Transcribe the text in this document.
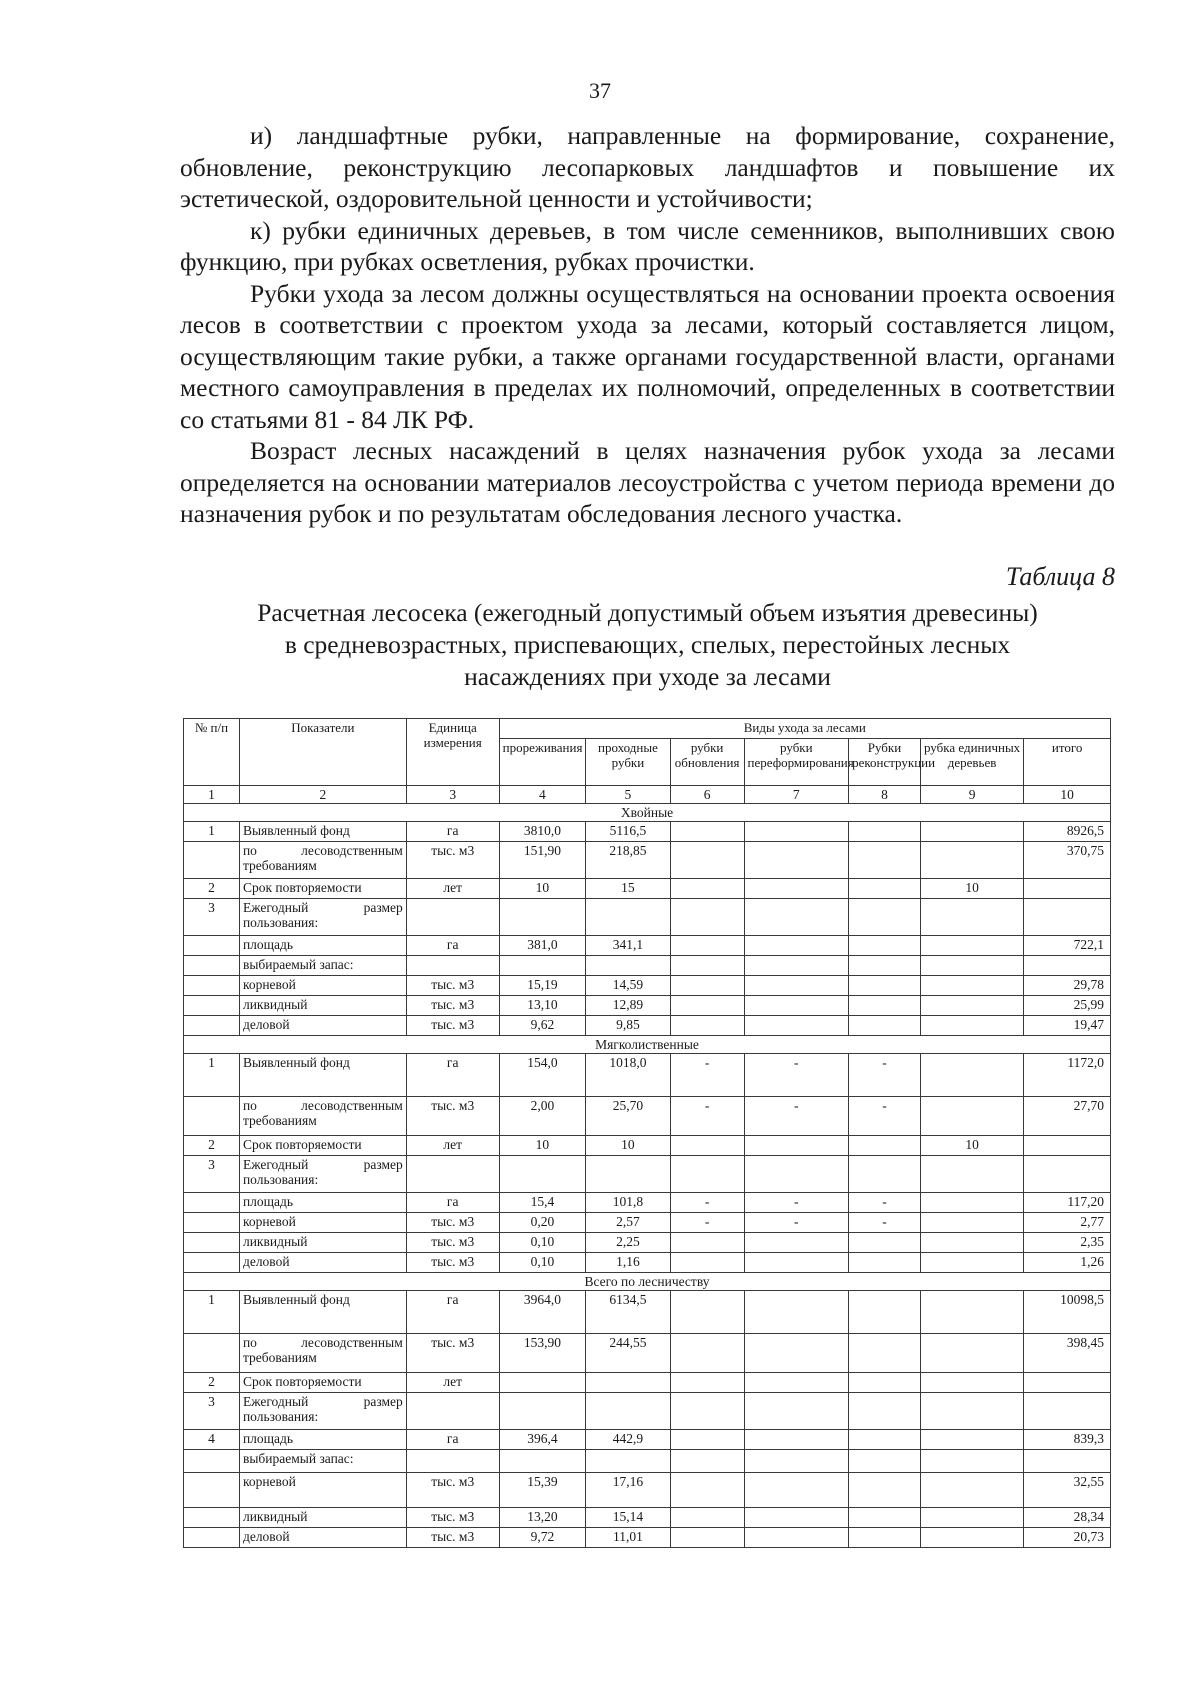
37

и) ландшафтные рубки, направленные на формирование, сохранение, обновление, реконструкцию лесопарковых ландшафтов и повышение их эстетической, оздоровительной ценности и устойчивости;

к) рубки единичных деревьев, в том числе семенников, выполнивших свою функцию, при рубках осветления, рубках прочистки.

Рубки ухода за лесом должны осуществляться на основании проекта освоения лесов в соответствии с проектом ухода за лесами, который составляется лицом, осуществляющим такие рубки, а также органами государственной власти, органами местного самоуправления в пределах их полномочий, определенных в соответствии со статьями 81 - 84 ЛК РФ.

Возраст лесных насаждений в целях назначения рубок ухода за лесами определяется на основании материалов лесоустройства с учетом периода времени до назначения рубок и по результатам обследования лесного участка.

Таблица 8
Расчетная лесосека (ежегодный допустимый объем изъятия древесины)
в средневозрастных, приспевающих, спелых, перестойных лесных
насаждениях при уходе за лесами
№ п/п	Показатели	Единица измерения	Виды ухода за лесами						
			прореживания	проходные рубки	рубки обновления	рубки переформирования	Рубки реконструкции	рубка единичных деревьев	итого
1	2	3	4	5	6	7	8	9	10
Хвойные									
1	Выявленный фонд	га	3810,0	5116,5					8926,5
	по лесоводственным требованиям	тыс. м3	151,90	218,85					370,75
2	Срок повторяемости	лет	10	15				10	
3	Ежегодный размер пользования:								
	площадь	га	381,0	341,1					722,1
	выбираемый запас:								
	корневой	тыс. м3	15,19	14,59					29,78
	ликвидный	тыс. м3	13,10	12,89					25,99
	деловой	тыс. м3	9,62	9,85					19,47
Мягколиственные									
1	Выявленный фонд	га	154,0	1018,0	-	-	-		1172,0
	по лесоводственным требованиям	тыс. м3	2,00	25,70	-	-	-		27,70
2	Срок повторяемости	лет	10	10				10	
3	Ежегодный размер пользования:								
	площадь	га	15,4	101,8	-	-	-		117,20
	корневой	тыс. м3	0,20	2,57	-	-	-		2,77
	ликвидный	тыс. м3	0,10	2,25					2,35
	деловой	тыс. м3	0,10	1,16					1,26
Всего по лесничеству									
1	Выявленный фонд	га	3964,0	6134,5					10098,5
	по лесоводственным требованиям	тыс. м3	153,90	244,55					398,45
2	Срок повторяемости	лет							
3	Ежегодный размер пользования:								
4	площадь	га	396,4	442,9					839,3
	выбираемый запас:								
	корневой	тыс. м3	15,39	17,16					32,55
	ликвидный	тыс. м3	13,20	15,14					28,34
	деловой	тыс. м3	9,72	11,01					20,73
